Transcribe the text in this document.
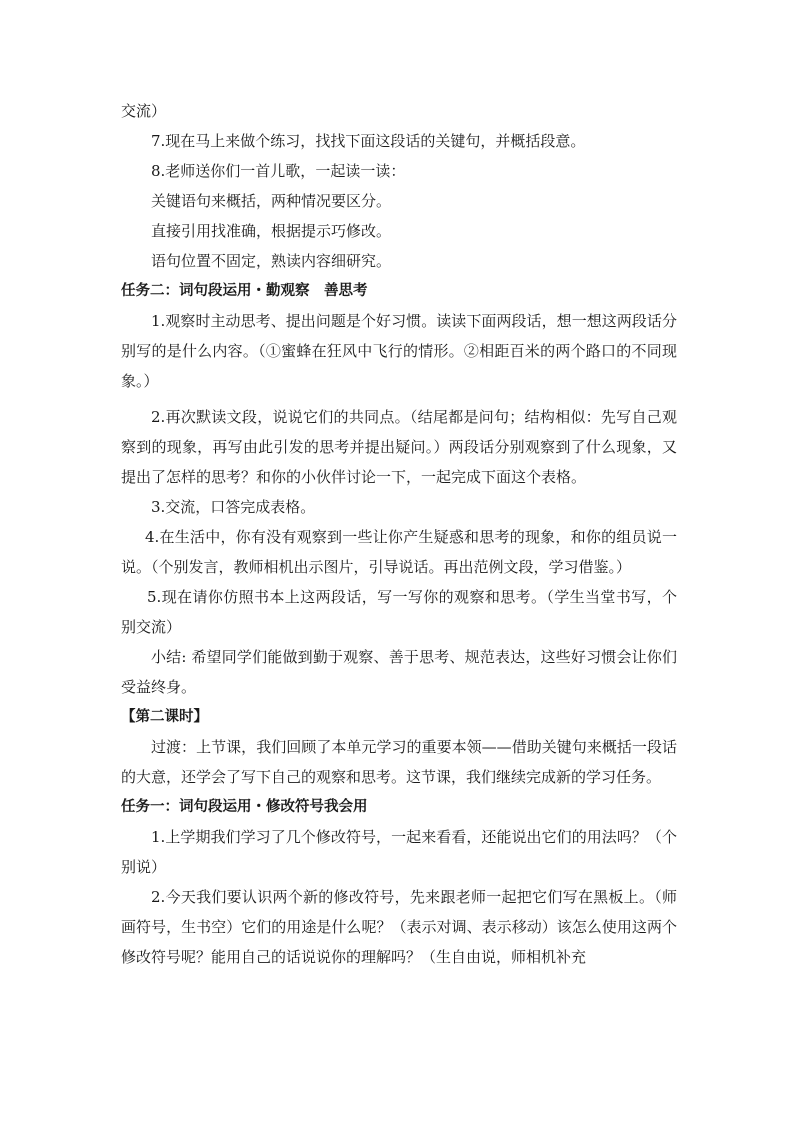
交流）

7.现在马上来做个练习，找找下面这段话的关键句，并概括段意。

8.老师送你们一首儿歌，一起读一读：

关键语句来概括，两种情况要区分。

直接引用找准确，根据提示巧修改。

语句位置不固定，熟读内容细研究。

任务二：词句段运用・勤观察　善思考

1.观察时主动思考、提出问题是个好习惯。读读下面两段话，想一想这两段话分别写的是什么内容。（①蜜蜂在狂风中飞行的情形。②相距百米的两个路口的不同现象。）

2.再次默读文段，说说它们的共同点。（结尾都是问句；结构相似：先写自己观察到的现象，再写由此引发的思考并提出疑问。）两段话分别观察到了什么现象，又提出了怎样的思考？和你的小伙伴讨论一下，一起完成下面这个表格。

3.交流，口答完成表格。

4.在生活中，你有没有观察到一些让你产生疑惑和思考的现象，和你的组员说一说。（个别发言，教师相机出示图片，引导说话。再出范例文段，学习借鉴。）

5.现在请你仿照书本上这两段话，写一写你的观察和思考。（学生当堂书写，个别交流）

小结: 希望同学们能做到勤于观察、善于思考、规范表达，这些好习惯会让你们受益终身。

【第二课时】

过渡：上节课，我们回顾了本单元学习的重要本领——借助关键句来概括一段话的大意，还学会了写下自己的观察和思考。这节课，我们继续完成新的学习任务。

任务一：词句段运用・修改符号我会用

1.上学期我们学习了几个修改符号，一起来看看，还能说出它们的用法吗？（个别说）

2.今天我们要认识两个新的修改符号，先来跟老师一起把它们写在黑板上。（师画符号，生书空）它们的用途是什么呢？（表示对调、表示移动）该怎么使用这两个修改符号呢？能用自己的话说说你的理解吗？（生自由说，师相机补充
